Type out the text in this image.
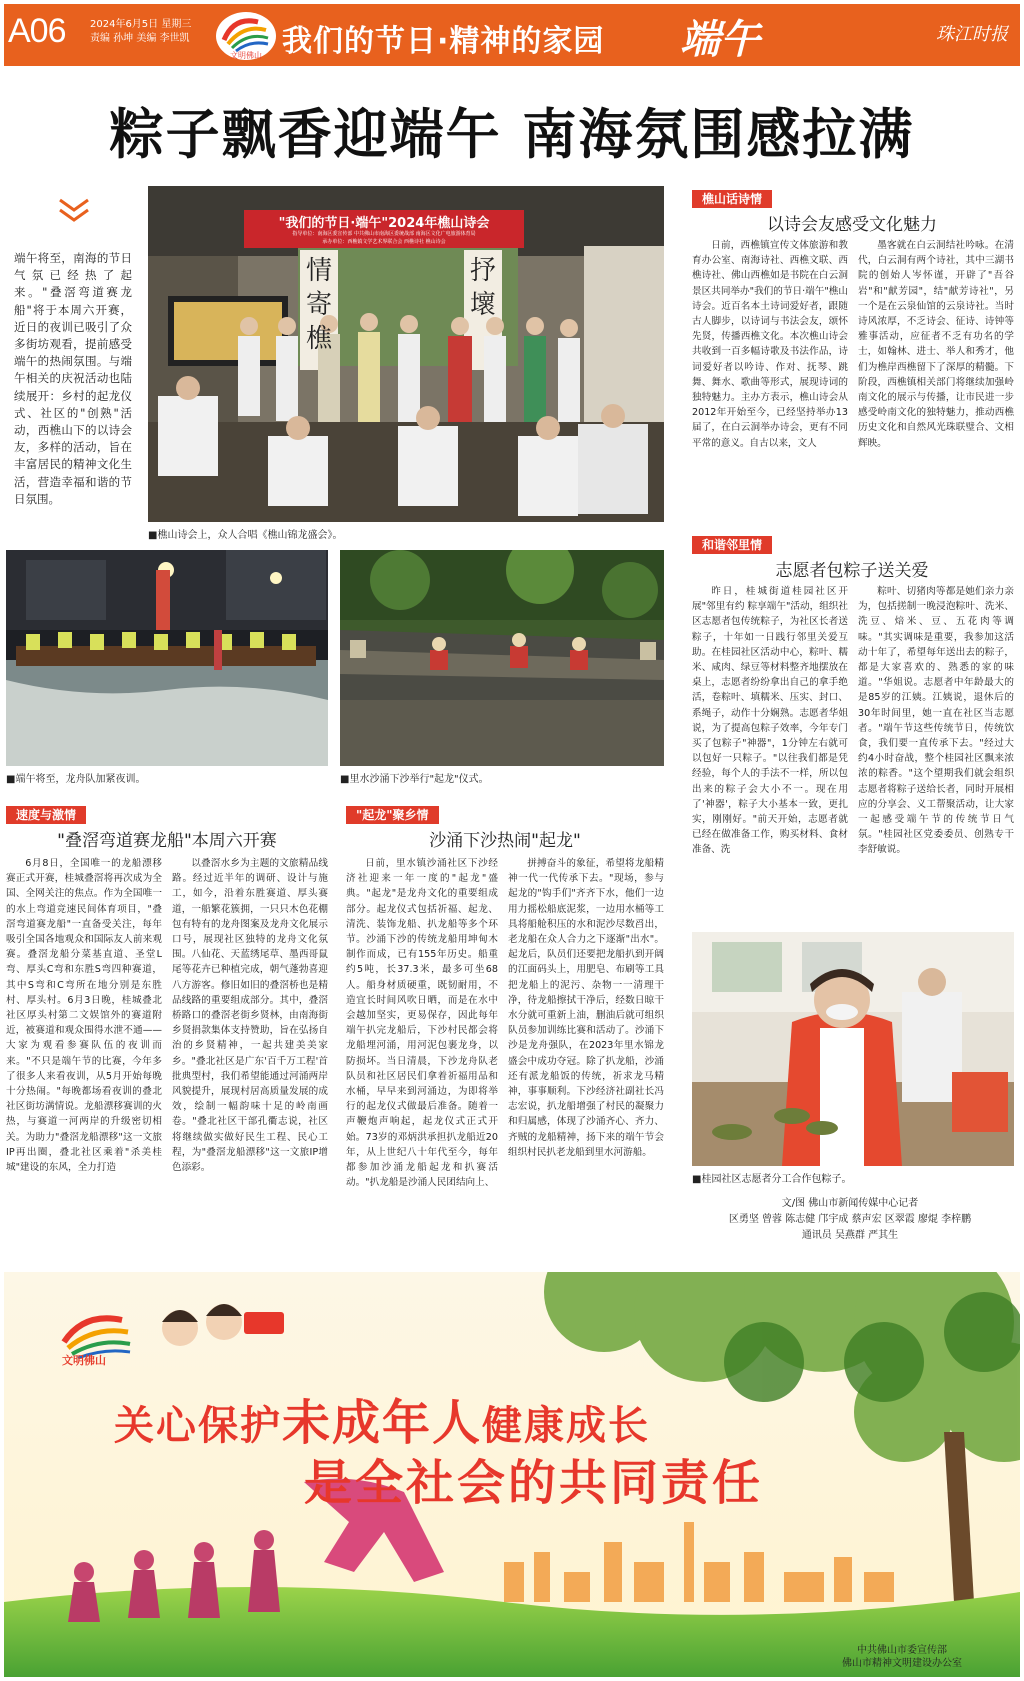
A06 2024年6月5日 星期三
责编 孙坤 美编 李世凯
文明佛山 我们的节日·精神的家园 端午	珠江时报
粽子飘香迎端午 南海氛围感拉满
端午将至，南海的节日气氛已经热了起来。"叠滘弯道赛龙船"将于本周六开赛，近日的夜训已吸引了众多街坊观看，提前感受端午的热闹氛围。与端午相关的庆祝活动也陆续展开：乡村的起龙仪式、社区的"创熟"活动，西樵山下的以诗会友，多样的活动，旨在丰富居民的精神文化生活，营造幸福和谐的节日氛围。
"我们的节日·端午"2024年樵山诗会
指导单位：南海区委宣传部 中共佛山市南海区委统战部 南海区文化广电旅游体育局
承办单位：西樵镇文学艺术界联合会 西樵诗社 樵山诗会
情寄樵
抒壞
■樵山诗会上，众人合唱《樵山锦龙盛会》。
■端午将至，龙舟队加紧夜训。	■里水沙涌下沙举行"起龙"仪式。
樵山话诗情
以诗会友感受文化魅力

日前，西樵镇宣传文体旅游和教育办公室、南海诗社、西樵文联、西樵诗社、佛山西樵如是书院在白云洞景区共同举办"我们的节日·端午"樵山诗会。近百名本土诗词爱好者，跟随古人脚步，以诗词与书法会友，颂怀先贤，传播西樵文化。本次樵山诗会共收到一百多幅诗歌及书法作品，诗词爱好者以吟诗、作对、抚琴、跳舞、舞水、歌曲等形式，展现诗词的独特魅力。主办方表示，樵山诗会从2012年开始至今，已经坚持举办13届了，在白云洞举办诗会，更有不同平常的意义。自古以来，文人

墨客就在白云洞结社吟咏。在清代，白云洞有两个诗社，其中三湖书院的创始人岑怀谨，开辟了"吾谷岩"和"献芳园"，结"献芳诗社"，另一个是在云泉仙馆的云泉诗社。当时诗风浓厚，不乏诗会、征诗、诗钟等雅事活动，应征者不乏有功名的学士，如翰林、进士、举人和秀才，他们为樵岸西樵留下了深厚的精髓。下阶段，西樵镇相关部门将继续加强岭南文化的展示与传播，让市民进一步感受岭南文化的独特魅力，推动西樵历史文化和自然风光珠联璧合、文相辉映。

和谐邻里情
志愿者包粽子送关爱

昨日，桂城街道桂园社区开展"邻里有约 粽享端午"活动，组织社区志愿者包传统粽子，为社区长者送粽子，十年如一日践行邻里关爱互助。在桂园社区活动中心，粽叶、糯米、咸肉、绿豆等材料整齐地摆放在桌上，志愿者纷纷拿出自己的拿手绝活，卷粽叶、填糯米、压实、封口、系绳子，动作十分娴熟。志愿者华姐说，为了提高包粽子效率，今年专门买了包粽子"神器"，1分钟左右就可以包好一只粽子。"以往我们都是凭经验，每个人的手法不一样，所以包出来的粽子会大小不一。现在用了'神器'，粽子大小基本一致，更扎实，刚刚好。"前天开始，志愿者就已经在做准备工作，购买材料、食材准备、洗

粽叶、切猪肉等都是她们亲力亲为，包括搓制一晚浸泡粽叶、洗米、洗豆、焙米、豆、五花肉等调味。"其实调味是重要，我参加这活动十年了，希望每年送出去的粽子，都是大家喜欢的、熟悉的家的味道。"华姐说。志愿者中年龄最大的是85岁的江姨。江姨说，退休后的30年时间里，她一直在社区当志愿者。"端午节这些传统节日，传统饮食，我们要一直传承下去。"经过大约4小时奋战，整个桂园社区飘来浓浓的粽香。"这个望期我们就会组织志愿者将粽子送给长者，同时开展相应的分享会、义工帮聚活动，让大家一起感受端午节的传统节日气氛。"桂园社区党委委员、创熟专干李舒敏说。

■桂园社区志愿者分工合作包粽子。
速度与激情
"叠滘弯道赛龙船"本周六开赛

6月8日，全国唯一的龙船漂移赛正式开赛，桂城叠滘将再次成为全国、全网关注的焦点。作为全国唯一的水上弯道竞速民间体育项目，"叠滘弯道赛龙船"一直备受关注，每年吸引全国各地观众和国际友人前来观赛。叠滘龙船分菜基直道、圣堂L弯、厚头C弯和东胜S弯四种赛道，其中S弯和C弯所在地分别是东胜村、厚头村。6月3日晚，桂城叠北社区厚头村第二文娱馆外的赛道附近，被赛道和观众围得水泄不通——大家为观看参赛队伍的夜训而来。"不只是端午节的比赛，今年多了很多人来看夜训，从5月开始每晚十分热闹。"每晚都场看夜训的叠北社区街坊满情说。龙船漂移赛训的火热，与赛道一河两岸的升级密切相关。为助力"叠滘龙船漂移"这一文旅IP再出圈，叠北社区乘着"杀美桂城"建设的东风，全力打造

以叠滘水乡为主题的文旅精品线路。经过近半年的调研、设计与施工，如今，沿着东胜赛道、厚头赛道，一船繁花簇拥，一只只木色花棚包有特有的龙舟图案及龙舟文化展示口号，展现社区独特的龙舟文化氛围。八仙花、天蓝绣尾草、墨西哥鼠尾等花卉已种植完成，朝气蓬勃喜迎八方游客。修旧如旧的叠滘桥也是精品线路的重要组成部分。其中，叠滘桥路口的叠滘老街乡贤林，由南海街乡贤捐款集体支持赞助，旨在弘扬自治的乡贤精神，一起共建美美家乡。"叠北社区是广东'百千万工程'首批典型村，我们希望能通过河涌两岸风貌提升，展现村居高质量发展的成效，绘制一幅韵味十足的岭南画卷。"叠北社区干部孔衢志说，社区将继续做实做好民生工程、民心工程，为"叠滘龙船漂移"这一文旅IP增色添彩。

"起龙"聚乡情
沙涌下沙热闹"起龙"

日前，里水镇沙涌社区下沙经济社迎来一年一度的"起龙"盛典。"起龙"是龙舟文化的重要组成部分。起龙仪式包括祈福、起龙、清洗、装饰龙船、扒龙船等多个环节。沙涌下沙的传统龙船用坤甸木制作而成，已有155年历史。船重约5吨，长37.3米，最多可坐68人。船身材质硬重，既韧耐用，不造宜长时间风吹日晒，而是在水中会越加坚实，更易保存，因此每年端午扒完龙船后，下沙村民都会将龙船埋河涌，用河泥包裹龙身，以防损坏。当日清晨，下沙龙舟队老队员和社区居民们拿着祈福用品和水桶，早早来到河涌边，为即将举行的起龙仪式做最后准备。随着一声鞭炮声响起，起龙仪式正式开始。73岁的邓炳洪承担扒龙船近20年，从上世纪八十年代至今，每年都参加沙涌龙船起龙和扒赛活动。"扒龙船是沙涌人民团结向上、

拼搏奋斗的象征，希望将龙船精神一代一代传承下去。"现场，参与起龙的"钩手们"齐齐下水，他们一边用力摇松船底泥浆，一边用水桶等工具将船舱积压的水和泥沙尽数舀出，老龙船在众人合力之下逐渐"出水"。起龙后，队员们还要把龙船扒到开阔的江面码头上，用肥皂、布刷等工具把龙船上的泥污、杂物一一清理干净，待龙船擦拭干净后，经数日晾干水分就可重新上油，删油后就可组织队员参加训练比赛和活动了。沙涌下沙是龙舟强队，在2023年里水锦龙盛会中成功夺冠。除了扒龙船，沙涌还有派龙船饭的传统，祈求龙马精神，事事顺利。下沙经济社副社长冯志宏说，扒龙船增强了村民的凝聚力和归属感，体现了沙涌齐心、齐力、齐贼的龙船精神，扬下来的端午节会组织村民扒老龙船到里水河游船。

文/图 佛山市新闻传媒中心记者
区勇坚 曾蓉 陈志健 邝宇成 蔡声宏 区翠霞 廖焜 李梓鹏
通讯员 吴燕群 严其生
文明佛山
关心保护未成年人健康成长
是全社会的共同责任
中共佛山市委宣传部
佛山市精神文明建设办公室
